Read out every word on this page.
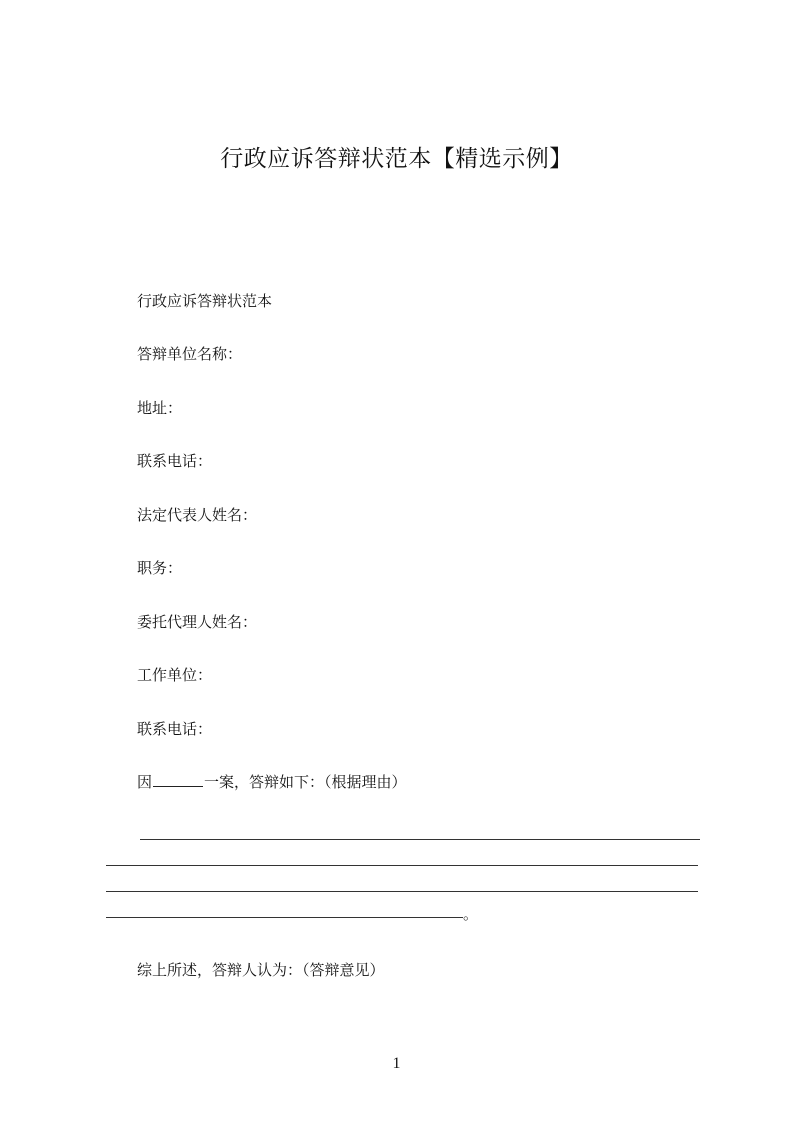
行政应诉答辩状范本【精选示例】
行政应诉答辩状范本
答辩单位名称：
地址：
联系电话：
法定代表人姓名：
职务：
委托代理人姓名：
工作单位：
联系电话：
因	一案，答辩如下：（根据理由）
。
综上所述，答辩人认为：（答辩意见）
1
